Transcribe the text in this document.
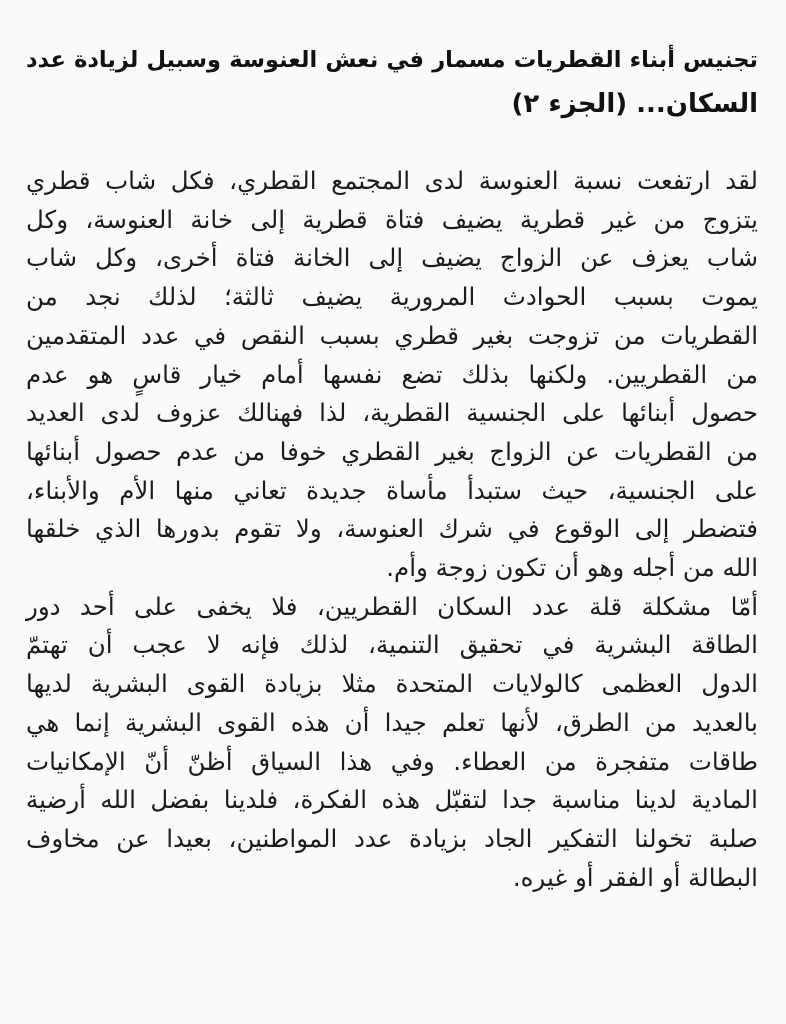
تجنيس أبناء القطريات مسمار في نعش العنوسة وسبيل لزيادة عدد
السكان... (الجزء ٢)

لقد ارتفعت نسبة العنوسة لدى المجتمع القطري، فكل شاب قطري
يتزوج من غير قطرية يضيف فتاة قطرية إلى خانة العنوسة، وكل
شاب يعزف عن الزواج يضيف إلى الخانة فتاة أخرى، وكل شاب
يموت بسبب الحوادث المرورية يضيف ثالثة؛ لذلك نجد من
القطريات من تزوجت بغير قطري بسبب النقص في عدد المتقدمين
من القطريين. ولكنها بذلك تضع نفسها أمام خيار قاسٍ هو عدم
حصول أبنائها على الجنسية القطرية، لذا فهنالك عزوف لدى العديد
من القطريات عن الزواج بغير القطري خوفا من عدم حصول أبنائها
على الجنسية، حيث ستبدأ مأساة جديدة تعاني منها الأم والأبناء،
فتضطر إلى الوقوع في شرك العنوسة، ولا تقوم بدورها الذي خلقها
الله من أجله وهو أن تكون زوجة وأم.

أمّا مشكلة قلة عدد السكان القطريين، فلا يخفى على أحد دور
الطاقة البشرية في تحقيق التنمية، لذلك فإنه لا عجب أن تهتمّ
الدول العظمى كالولايات المتحدة مثلا بزيادة القوى البشرية لديها
بالعديد من الطرق، لأنها تعلم جيدا أن هذه القوى البشرية إنما هي
طاقات متفجرة من العطاء. وفي هذا السياق أظنّ أنّ الإمكانيات
المادية لدينا مناسبة جدا لتقبّل هذه الفكرة، فلدينا بفضل الله أرضية
صلبة تخولنا التفكير الجاد بزيادة عدد المواطنين، بعيدا عن مخاوف
البطالة أو الفقر أو غيره.
